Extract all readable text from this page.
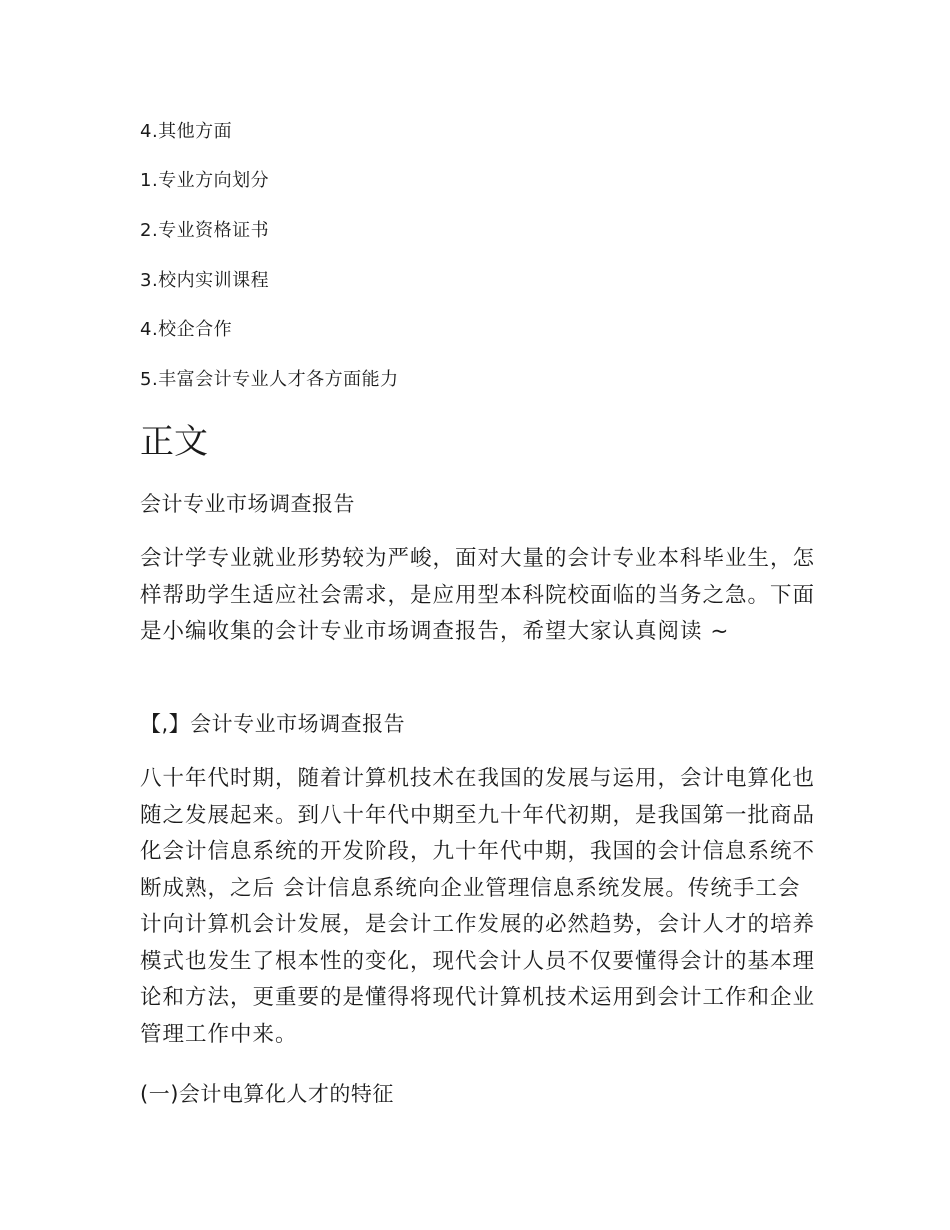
4.其他方面
1.专业方向划分
2.专业资格证书
3.校内实训课程
4.校企合作
5.丰富会计专业人才各方面能力
正文
会计专业市场调查报告

会计学专业就业形势较为严峻，面对大量的会计专业本科毕业生，怎样帮助学生适应社会需求，是应用型本科院校面临的当务之急。下面是小编收集的会计专业市场调查报告，希望大家认真阅读 ~

【,】会计专业市场调查报告

八十年代时期，随着计算机技术在我国的发展与运用，会计电算化也随之发展起来。到八十年代中期至九十年代初期，是我国第一批商品化会计信息系统的开发阶段，九十年代中期，我国的会计信息系统不断成熟，之后 会计信息系统向企业管理信息系统发展。传统手工会计向计算机会计发展，是会计工作发展的必然趋势，会计人才的培养模式也发生了根本性的变化，现代会计人员不仅要懂得会计的基本理论和方法，更重要的是懂得将现代计算机技术运用到会计工作和企业管理工作中来。

(一)会计电算化人才的特征
